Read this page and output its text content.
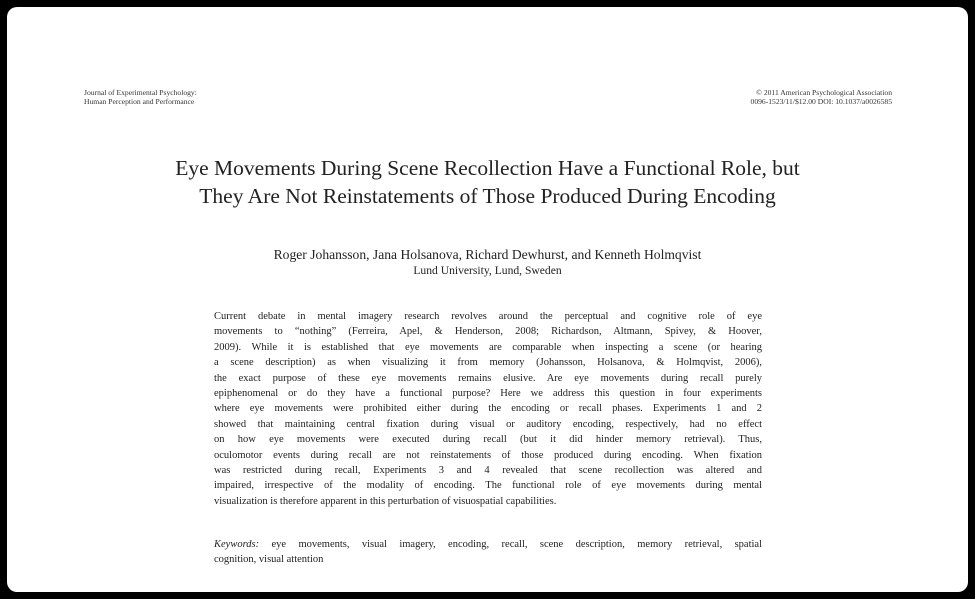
Journal of Experimental Psychology:
Human Perception and Performance
© 2011 American Psychological Association
0096-1523/11/$12.00 DOI: 10.1037/a0026585
Eye Movements During Scene Recollection Have a Functional Role, but
They Are Not Reinstatements of Those Produced During Encoding
Roger Johansson, Jana Holsanova, Richard Dewhurst, and Kenneth Holmqvist
Lund University, Lund, Sweden
Current debate in mental imagery research revolves around the perceptual and cognitive role of eye
movements to “nothing” (Ferreira, Apel, & Henderson, 2008; Richardson, Altmann, Spivey, & Hoover,
2009). While it is established that eye movements are comparable when inspecting a scene (or hearing
a scene description) as when visualizing it from memory (Johansson, Holsanova, & Holmqvist, 2006),
the exact purpose of these eye movements remains elusive. Are eye movements during recall purely
epiphenomenal or do they have a functional purpose? Here we address this question in four experiments
where eye movements were prohibited either during the encoding or recall phases. Experiments 1 and 2
showed that maintaining central fixation during visual or auditory encoding, respectively, had no effect
on how eye movements were executed during recall (but it did hinder memory retrieval). Thus,
oculomotor events during recall are not reinstatements of those produced during encoding. When fixation
was restricted during recall, Experiments 3 and 4 revealed that scene recollection was altered and
impaired, irrespective of the modality of encoding. The functional role of eye movements during mental
visualization is therefore apparent in this perturbation of visuospatial capabilities.
Keywords: eye movements, visual imagery, encoding, recall, scene description, memory retrieval, spatial
cognition, visual attention
